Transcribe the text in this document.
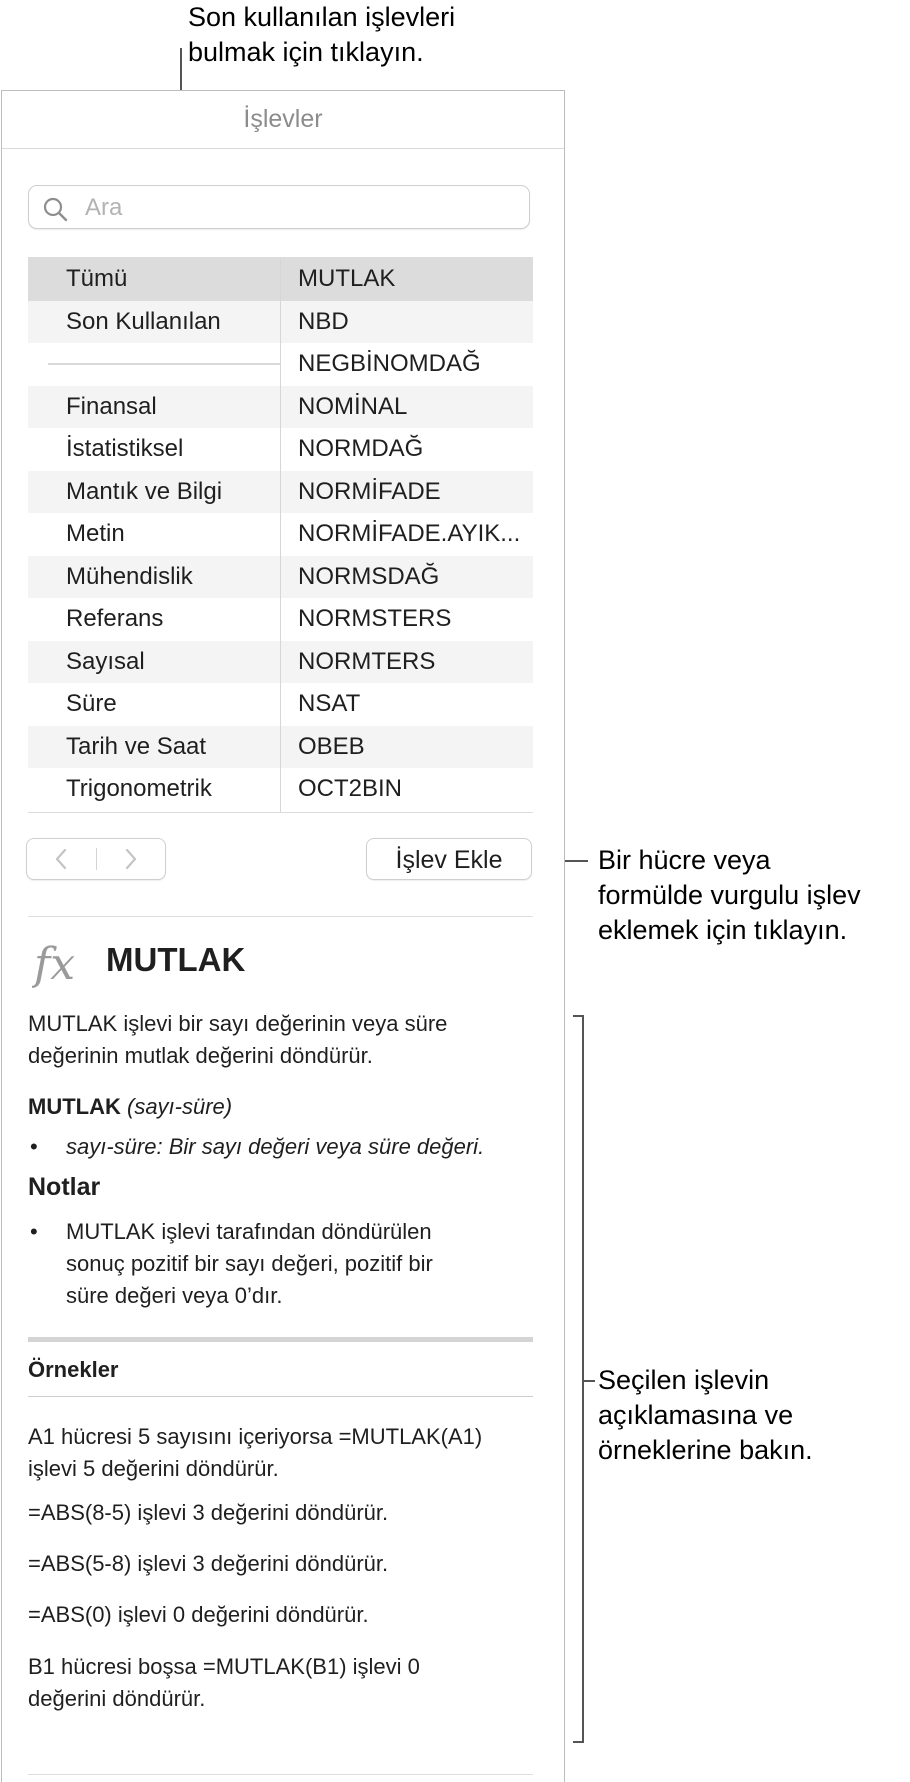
Son kullanılan işlevleri
bulmak için tıklayın.
Bir hücre veya
formülde vurgulu işlev
eklemek için tıklayın.
Seçilen işlevin
açıklamasına ve
örneklerine bakın.
İşlevler
Ara
Tümü
Son Kullanılan
Finansal
İstatistiksel
Mantık ve Bilgi
Metin
Mühendislik
Referans
Sayısal
Süre
Tarih ve Saat
Trigonometrik
MUTLAK
NBD
NEGBİNOMDAĞ
NOMİNAL
NORMDAĞ
NORMİFADE
NORMİFADE.AYIK...
NORMSDAĞ
NORMSTERS
NORMTERS
NSAT
OBEB
OCT2BIN
İşlev Ekle
fx MUTLAK
MUTLAK işlevi bir sayı değerinin veya süre
değerinin mutlak değerini döndürür.
MUTLAK (sayı-süre)
• sayı-süre: Bir sayı değeri veya süre değeri.
Notlar
• MUTLAK işlevi tarafından döndürülen
sonuç pozitif bir sayı değeri, pozitif bir
süre değeri veya 0’dır.
Örnekler
A1 hücresi 5 sayısını içeriyorsa =MUTLAK(A1)
işlevi 5 değerini döndürür.
=ABS(8-5) işlevi 3 değerini döndürür.
=ABS(5-8) işlevi 3 değerini döndürür.
=ABS(0) işlevi 0 değerini döndürür.
B1 hücresi boşsa =MUTLAK(B1) işlevi 0
değerini döndürür.
